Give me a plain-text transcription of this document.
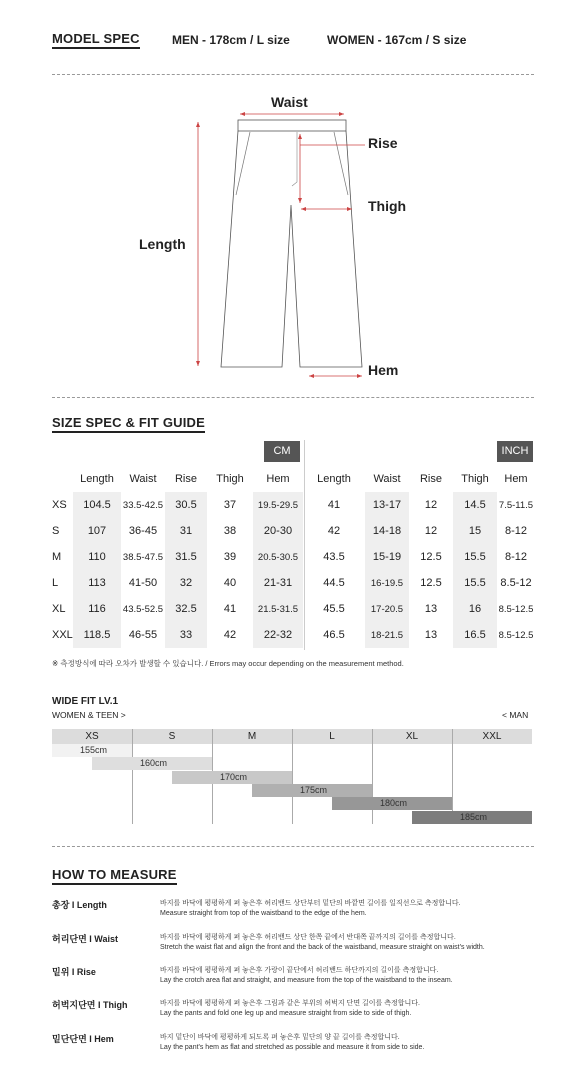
MODEL SPEC	MEN - 178cm / L size	WOMEN - 167cm / S size
Waist
Rise
Thigh
Length
Hem
SIZE SPEC & FIT GUIDE
CM	INCH
	Length	Waist	Rise	Thigh	Hem	Length	Waist	Rise	Thigh	Hem
XS	104.5	33.5-42.5	30.5	37	19.5-29.5	41	13-17	12	14.5	7.5-11.5
S	107	36-45	31	38	20-30	42	14-18	12	15	8-12
M	110	38.5-47.5	31.5	39	20.5-30.5	43.5	15-19	12.5	15.5	8-12
L	113	41-50	32	40	21-31	44.5	16-19.5	12.5	15.5	8.5-12
XL	116	43.5-52.5	32.5	41	21.5-31.5	45.5	17-20.5	13	16	8.5-12.5
XXL	118.5	46-55	33	42	22-32	46.5	18-21.5	13	16.5	8.5-12.5
※ 측정방식에 따라 오차가 발생할 수 있습니다. / Errors may occur depending on the measurement method.
WIDE FIT LV.1
WOMEN & TEEN >	< MAN
XS	S	M	L	XL	XXL
155cm
160cm
170cm
175cm
180cm
185cm
HOW TO MEASURE
총장 I Length	바지를 바닥에 평평하게 펴 놓은후 허리밴드 상단부터 밑단의 바깥면 길이를 일직선으로 측정합니다.
Measure straight from top of the waistband to the edge of the hem.
허리단면 I Waist	바지를 바닥에 평평하게 펴 놓은후 허리밴드 상단 한쪽 끝에서 반대쪽 끝까지의 길이를 측정합니다.
Stretch the waist flat and align the front and the back of the waistband, measure straight on waist's width.
밑위 I Rise	바지를 바닥에 평평하게 펴 놓은후 가랑이 끝단에서 허리밴드 하단까지의 길이를 측정합니다.
Lay the crotch area flat and straight, and measure from the top of the waistband to the inseam.
허벅지단면 I Thigh	바지를 바닥에 평평하게 펴 놓은후 그림과 같은 부위의 허벅지 단면 길이를 측정합니다.
Lay the pants and fold one leg up and measure straight from side to side of thigh.
밑단단면 I Hem	바지 밑단이 바닥에 평평하게 되도록 펴 놓은후 밑단의 양 끝 길이를 측정합니다.
Lay the pant's hem as flat and stretched as possible and measure it from side to side.
